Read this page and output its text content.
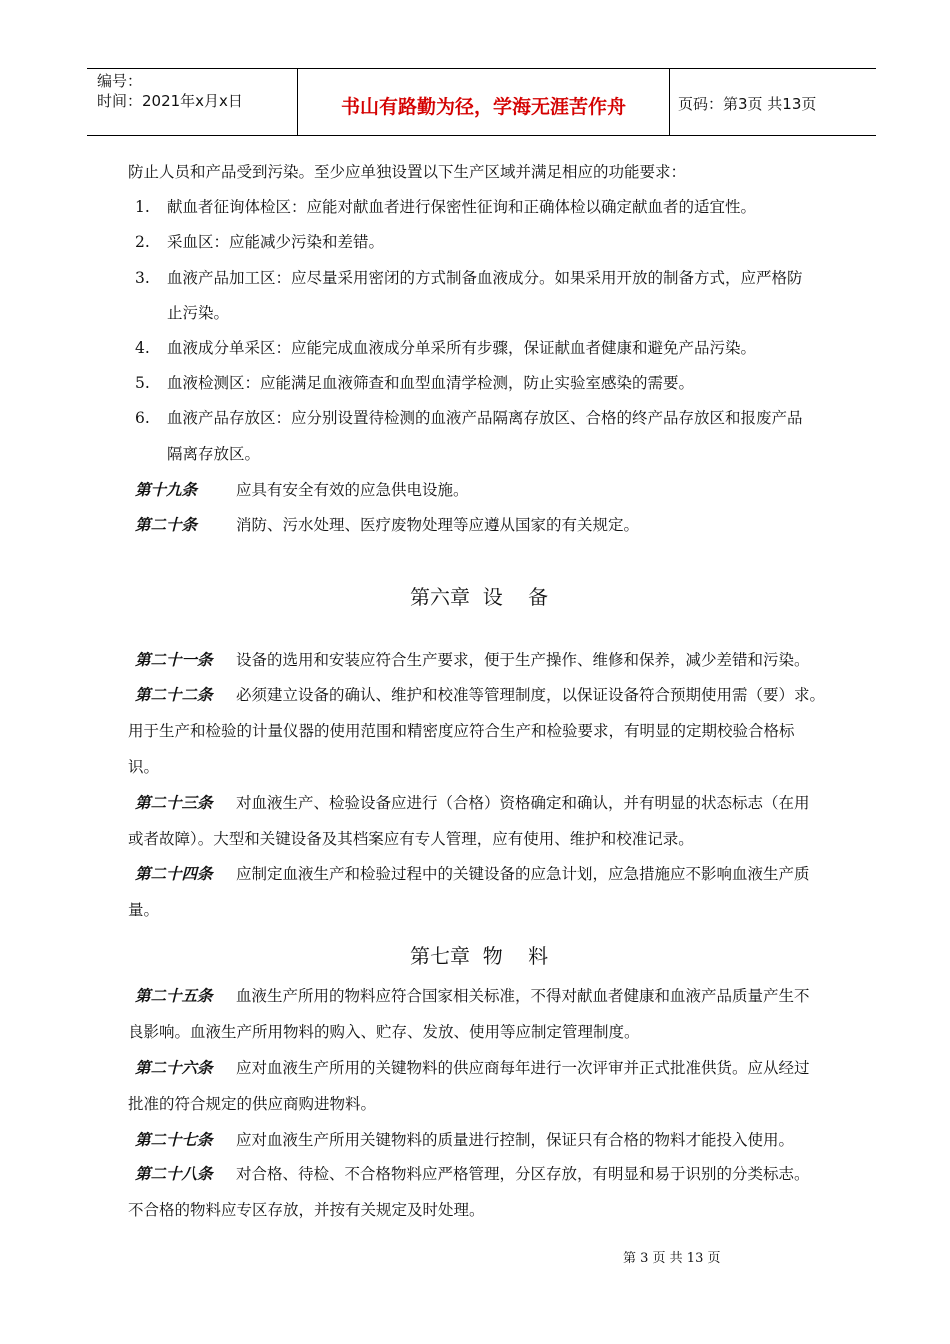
编号：
时间：2021年x月x日	书山有路勤为径，学海无涯苦作舟	页码：第3页 共13页
防止人员和产品受到污染。至少应单独设置以下生产区域并满足相应的功能要求：
1. 献血者征询体检区：应能对献血者进行保密性征询和正确体检以确定献血者的适宜性。
2. 采血区：应能减少污染和差错。
3. 血液产品加工区：应尽量采用密闭的方式制备血液成分。如果采用开放的制备方式，应严格防
止污染。
4. 血液成分单采区：应能完成血液成分单采所有步骤，保证献血者健康和避免产品污染。
5. 血液检测区：应能满足血液筛查和血型血清学检测，防止实验室感染的需要。
6. 血液产品存放区：应分别设置待检测的血液产品隔离存放区、合格的终产品存放区和报废产品
隔离存放区。
第十九条	应具有安全有效的应急供电设施。
第二十条	消防、污水处理、医疗废物处理等应遵从国家的有关规定。
第六章  设    备
第二十一条 设备的选用和安装应符合生产要求，便于生产操作、维修和保养，减少差错和污染。
第二十二条 必须建立设备的确认、维护和校准等管理制度，以保证设备符合预期使用需（要）求。
用于生产和检验的计量仪器的使用范围和精密度应符合生产和检验要求，有明显的定期校验合格标
识。
第二十三条 对血液生产、检验设备应进行（合格）资格确定和确认，并有明显的状态标志（在用
或者故障）。大型和关键设备及其档案应有专人管理，应有使用、维护和校准记录。
第二十四条 应制定血液生产和检验过程中的关键设备的应急计划，应急措施应不影响血液生产质
量。
第七章  物    料
第二十五条 血液生产所用的物料应符合国家相关标准，不得对献血者健康和血液产品质量产生不
良影响。血液生产所用物料的购入、贮存、发放、使用等应制定管理制度。
第二十六条 应对血液生产所用的关键物料的供应商每年进行一次评审并正式批准供货。应从经过
批准的符合规定的供应商购进物料。
第二十七条 应对血液生产所用关键物料的质量进行控制，保证只有合格的物料才能投入使用。
第二十八条 对合格、待检、不合格物料应严格管理，分区存放，有明显和易于识别的分类标志。
不合格的物料应专区存放，并按有关规定及时处理。
第 3 页 共 13 页
